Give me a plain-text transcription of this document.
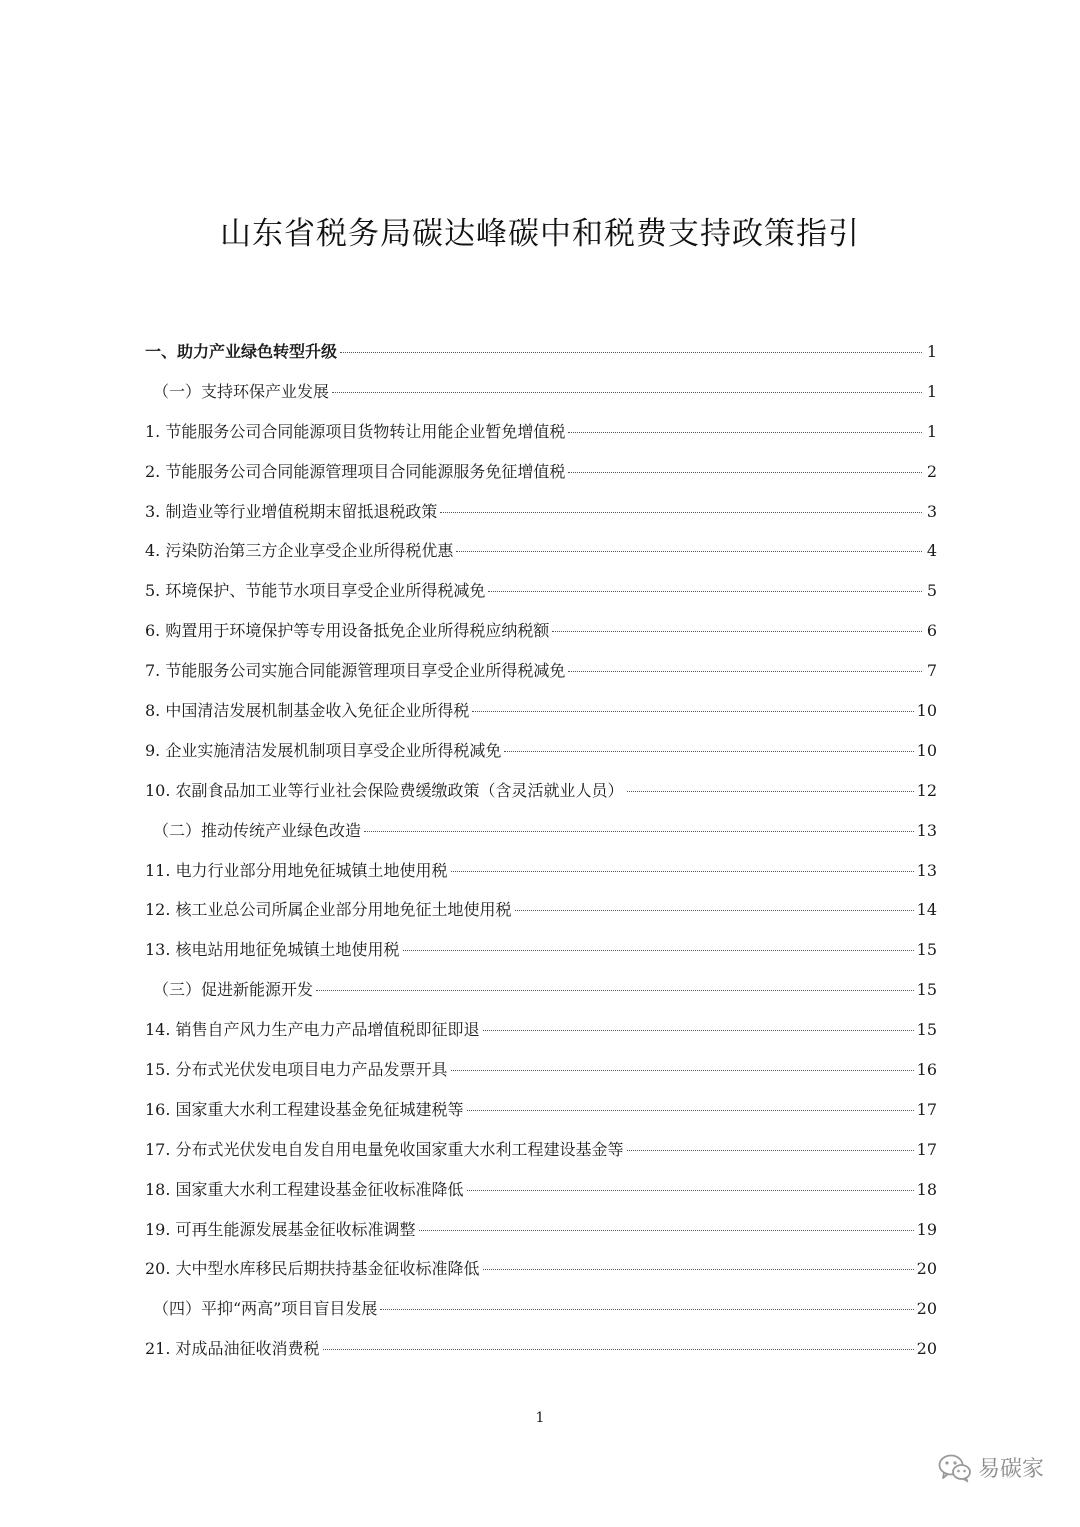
山东省税务局碳达峰碳中和税费支持政策指引
一、助力产业绿色转型升级	1
（一）支持环保产业发展	1
1. 节能服务公司合同能源项目货物转让用能企业暂免增值税	1
2. 节能服务公司合同能源管理项目合同能源服务免征增值税	2
3. 制造业等行业增值税期末留抵退税政策	3
4. 污染防治第三方企业享受企业所得税优惠	4
5. 环境保护、节能节水项目享受企业所得税减免	5
6. 购置用于环境保护等专用设备抵免企业所得税应纳税额	6
7. 节能服务公司实施合同能源管理项目享受企业所得税减免	7
8. 中国清洁发展机制基金收入免征企业所得税	10
9. 企业实施清洁发展机制项目享受企业所得税减免	10
10. 农副食品加工业等行业社会保险费缓缴政策（含灵活就业人员）	12
（二）推动传统产业绿色改造	13
11. 电力行业部分用地免征城镇土地使用税	13
12. 核工业总公司所属企业部分用地免征土地使用税	14
13. 核电站用地征免城镇土地使用税	15
（三）促进新能源开发	15
14. 销售自产风力生产电力产品增值税即征即退	15
15. 分布式光伏发电项目电力产品发票开具	16
16. 国家重大水利工程建设基金免征城建税等	17
17. 分布式光伏发电自发自用电量免收国家重大水利工程建设基金等	17
18. 国家重大水利工程建设基金征收标准降低	18
19. 可再生能源发展基金征收标准调整	19
20. 大中型水库移民后期扶持基金征收标准降低	20
（四）平抑“两高”项目盲目发展	20
21. 对成品油征收消费税	20
1
易碳家
